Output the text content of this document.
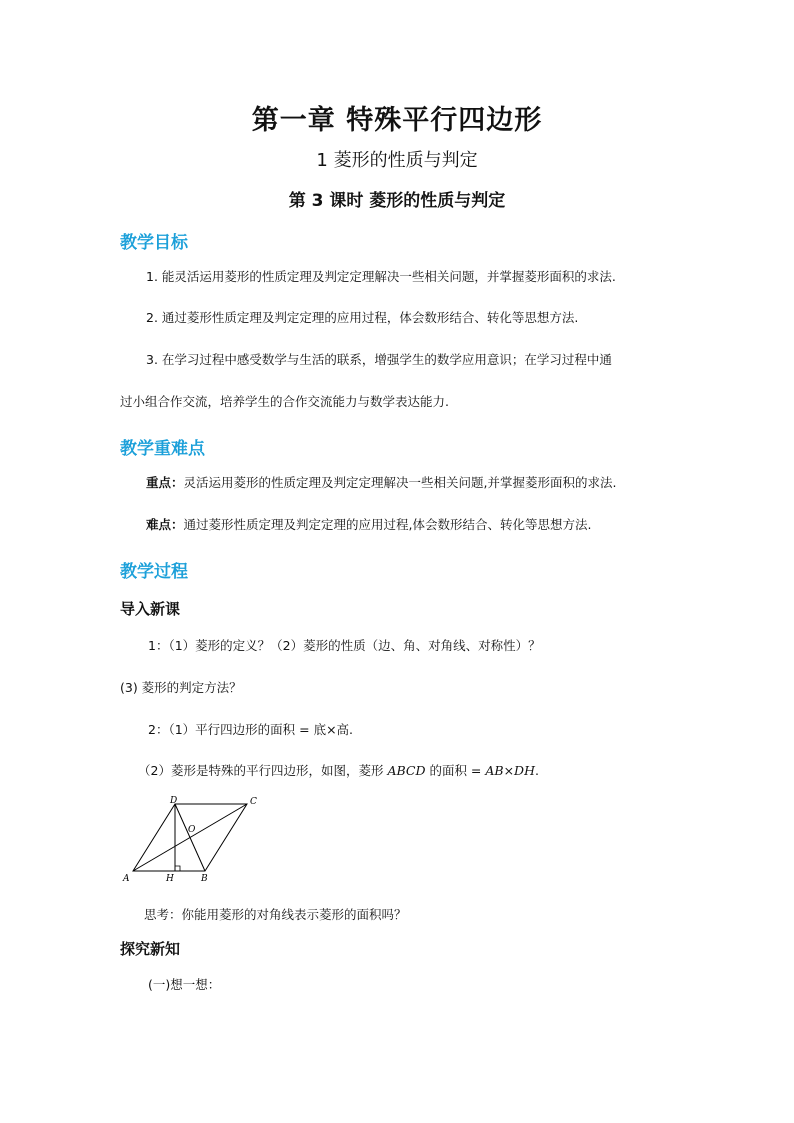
第一章 特殊平行四边形
1 菱形的性质与判定
第 3 课时 菱形的性质与判定
教学目标
1. 能灵活运用菱形的性质定理及判定定理解决一些相关问题，并掌握菱形面积的求法.
2. 通过菱形性质定理及判定定理的应用过程，体会数形结合、转化等思想方法.
3. 在学习过程中感受数学与生活的联系，增强学生的数学应用意识；在学习过程中通
过小组合作交流，培养学生的合作交流能力与数学表达能力.
教学重难点
重点：灵活运用菱形的性质定理及判定定理解决一些相关问题,并掌握菱形面积的求法.
难点：通过菱形性质定理及判定定理的应用过程,体会数形结合、转化等思想方法.
教学过程
导入新课
1：（1）菱形的定义？（2）菱形的性质（边、角、对角线、对称性）？
(3) 菱形的判定方法？
2：（1）平行四边形的面积 = 底×高.
（2）菱形是特殊的平行四边形，如图，菱形 ABCD 的面积 = AB×DH.
D	C
O
A	H	B
思考：你能用菱形的对角线表示菱形的面积吗？
探究新知
(一)想一想：
